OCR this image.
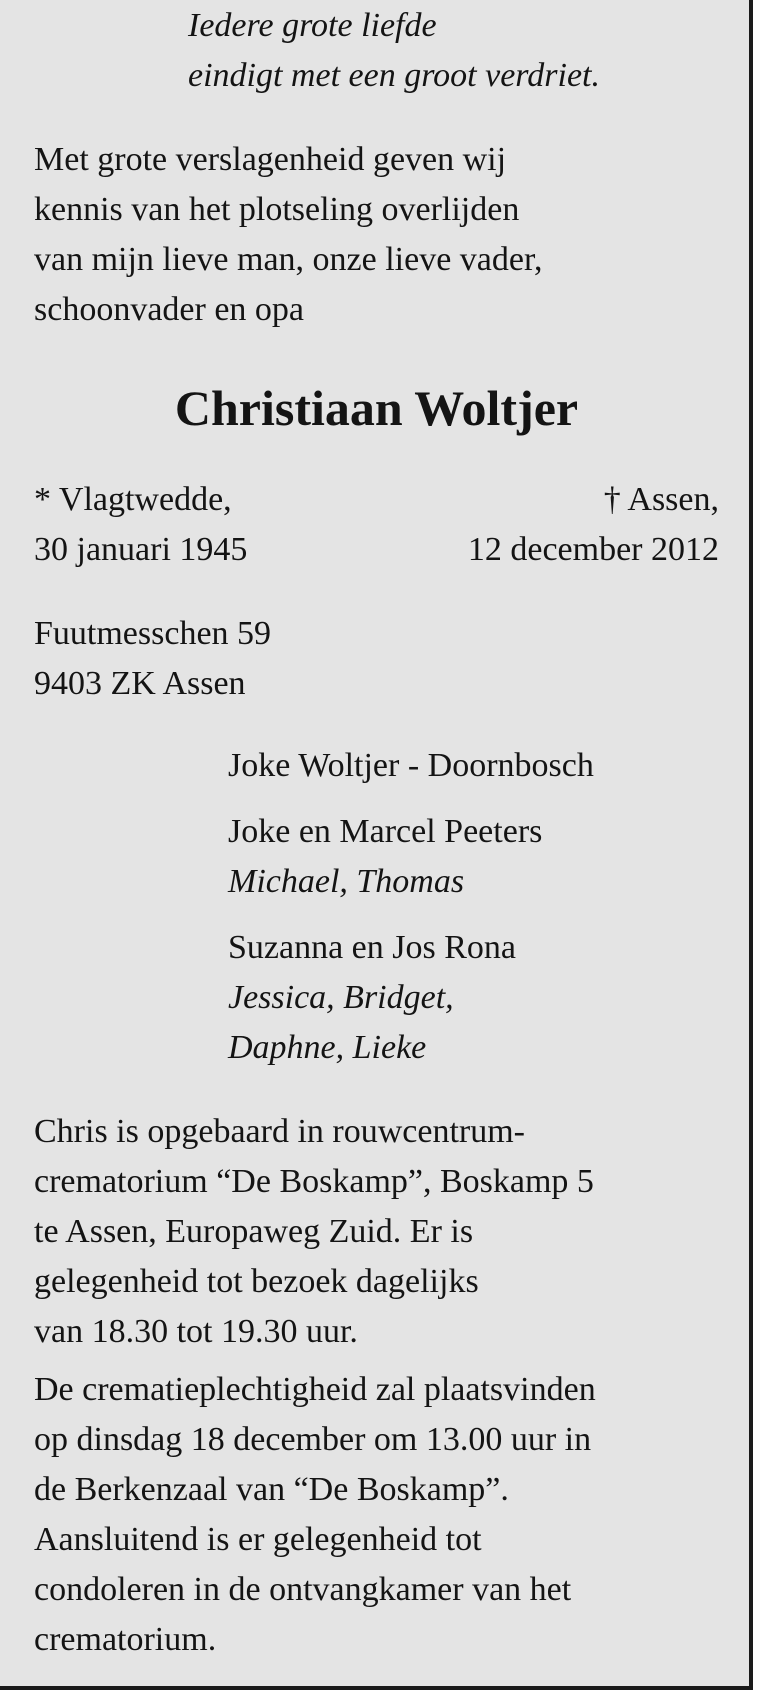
Iedere grote liefde
eindigt met een groot verdriet.
Met grote verslagenheid geven wij
kennis van het plotseling overlijden
van mijn lieve man, onze lieve vader,
schoonvader en opa
Christiaan Woltjer
* Vlagtwedde,
30 januari 1945
† Assen,
12 december 2012
Fuutmesschen 59
9403 ZK Assen
Joke Woltjer - Doornbosch
Joke en Marcel Peeters
Michael, Thomas
Suzanna en Jos Rona
Jessica, Bridget,
Daphne, Lieke
Chris is opgebaard in rouwcentrum-
crematorium “De Boskamp”, Boskamp 5
te Assen, Europaweg Zuid. Er is
gelegenheid tot bezoek dagelijks
van 18.30 tot 19.30 uur.
De crematieplechtigheid zal plaatsvinden
op dinsdag 18 december om 13.00 uur in
de Berkenzaal van “De Boskamp”.
Aansluitend is er gelegenheid tot
condoleren in de ontvangkamer van het
crematorium.
